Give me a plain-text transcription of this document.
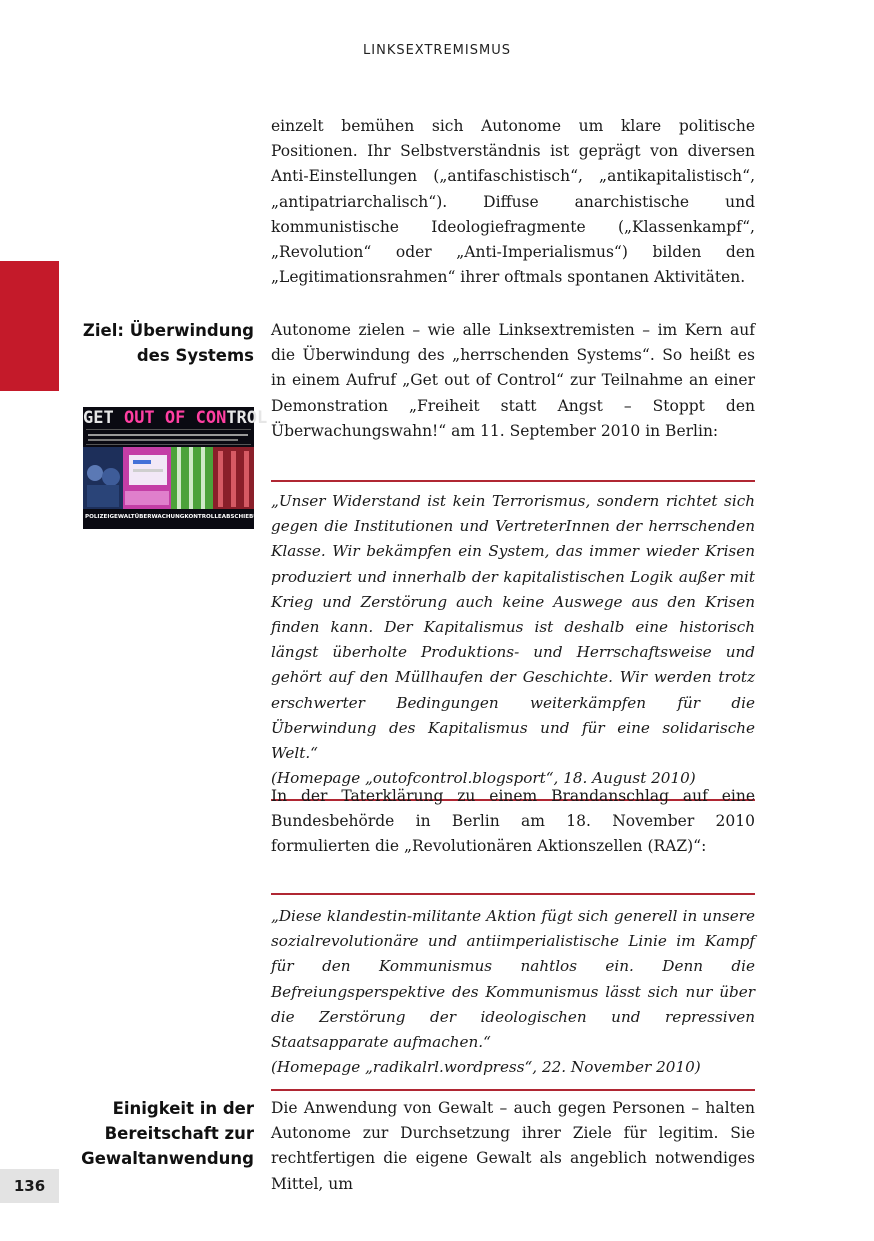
LINKSEXTREMISMUS

einzelt bemühen sich Autonome um klare politische Positionen. Ihr Selbstverständnis ist geprägt von diversen Anti-Einstellungen („antifaschistisch“, „antikapitalistisch“, „antipatriarchalisch“). Diffuse anarchistische und kommunistische Ideologiefragmente („Klassenkampf“, „Revolution“ oder „Anti-Imperialismus“) bilden den „Legitimationsrahmen“ ihrer oftmals spontanen Aktivitäten.

Ziel: Überwindung
des Systems

Autonome zielen – wie alle Linksextremisten – im Kern auf die Überwindung des „herrschenden Systems“. So heißt es in einem Aufruf „Get out of Control“ zur Teilnahme an einer Demonstration „Freiheit statt Angst – Stoppt den Überwachungswahn!“ am 11. September 2010 in Berlin:

GET OUT OF CONTROL
POLIZEIGEWALT ÜBERWACHUNG KONTROLLE ABSCHIEBUNG

„Unser Widerstand ist kein Terrorismus, sondern richtet sich gegen die Institutionen und VertreterInnen der herrschenden Klasse. Wir bekämpfen ein System, das immer wieder Krisen produziert und innerhalb der kapitalistischen Logik außer mit Krieg und Zerstörung auch keine Auswege aus den Krisen finden kann. Der Kapitalismus ist deshalb eine historisch längst überholte Produktions- und Herrschaftsweise und gehört auf den Müllhaufen der Geschichte. Wir werden trotz erschwerter Bedingungen weiterkämpfen für die Überwindung des Kapitalismus und für eine solidarische Welt.“

(Homepage „outofcontrol.blogsport“, 18. August 2010)

In der Taterklärung zu einem Brandanschlag auf eine Bundesbehörde in Berlin am 18. November 2010 formulierten die „Revolutionären Aktionszellen (RAZ)“:

„Diese klandestin-militante Aktion fügt sich generell in unsere sozialrevolutionäre und antiimperialistische Linie im Kampf für den Kommunismus nahtlos ein. Denn die Befreiungsperspektive des Kommunismus lässt sich nur über die Zerstörung der ideologischen und repressiven Staatsapparate aufmachen.“

(Homepage „radikalrl.wordpress“, 22. November 2010)

Einigkeit in der
Bereitschaft zur
Gewaltanwendung

Die Anwendung von Gewalt – auch gegen Personen – halten Autonome zur Durchsetzung ihrer Ziele für legitim. Sie rechtfertigen die eigene Gewalt als angeblich notwendiges Mittel, um

136
